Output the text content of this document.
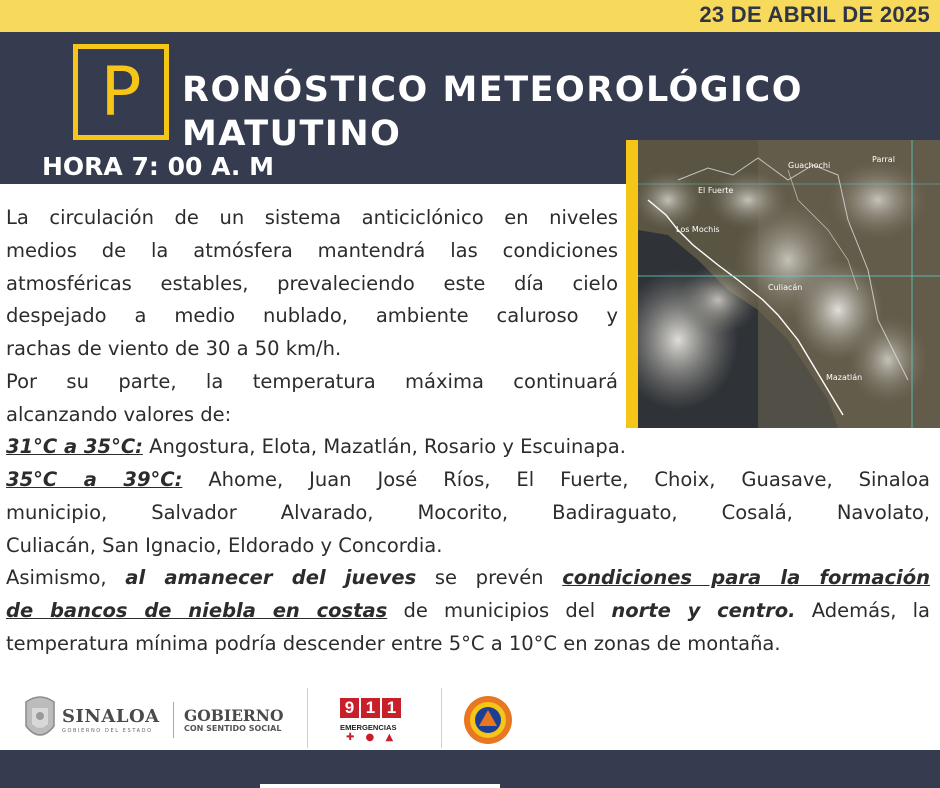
23 DE ABRIL DE 2025
P	RONÓSTICO METEOROLÓGICO
MATUTINO
HORA 7: 00 A. M	Guachochi
Parral
El Fuerte
Los Mochis
Culiacán
Mazatlán
La circulación de un sistema anticiclónico en niveles
medios de la atmósfera mantendrá las condiciones
atmosféricas estables, prevaleciendo este día cielo
despejado a medio nublado, ambiente caluroso y
rachas de viento de 30 a 50 km/h.
Por su parte, la temperatura máxima continuará
alcanzando valores de:
31°C a 35°C: Angostura, Elota, Mazatlán, Rosario y Escuinapa.
35°C a 39°C: Ahome, Juan José Ríos, El Fuerte, Choix, Guasave, Sinaloa
municipio, Salvador Alvarado, Mocorito, Badiraguato, Cosalá, Navolato,
Culiacán, San Ignacio, Eldorado y Concordia.
Asimismo, al amanecer del jueves se prevén condiciones para la formación
de bancos de niebla en costas de municipios del norte y centro. Además, la
temperatura mínima podría descender entre 5°C a 10°C en zonas de montaña.
SINALOA
GOBIERNO DEL ESTADO
GOBIERNO
CON SENTIDO SOCIAL
9 1 1
EMERGENCIAS
✚ ● ▲
